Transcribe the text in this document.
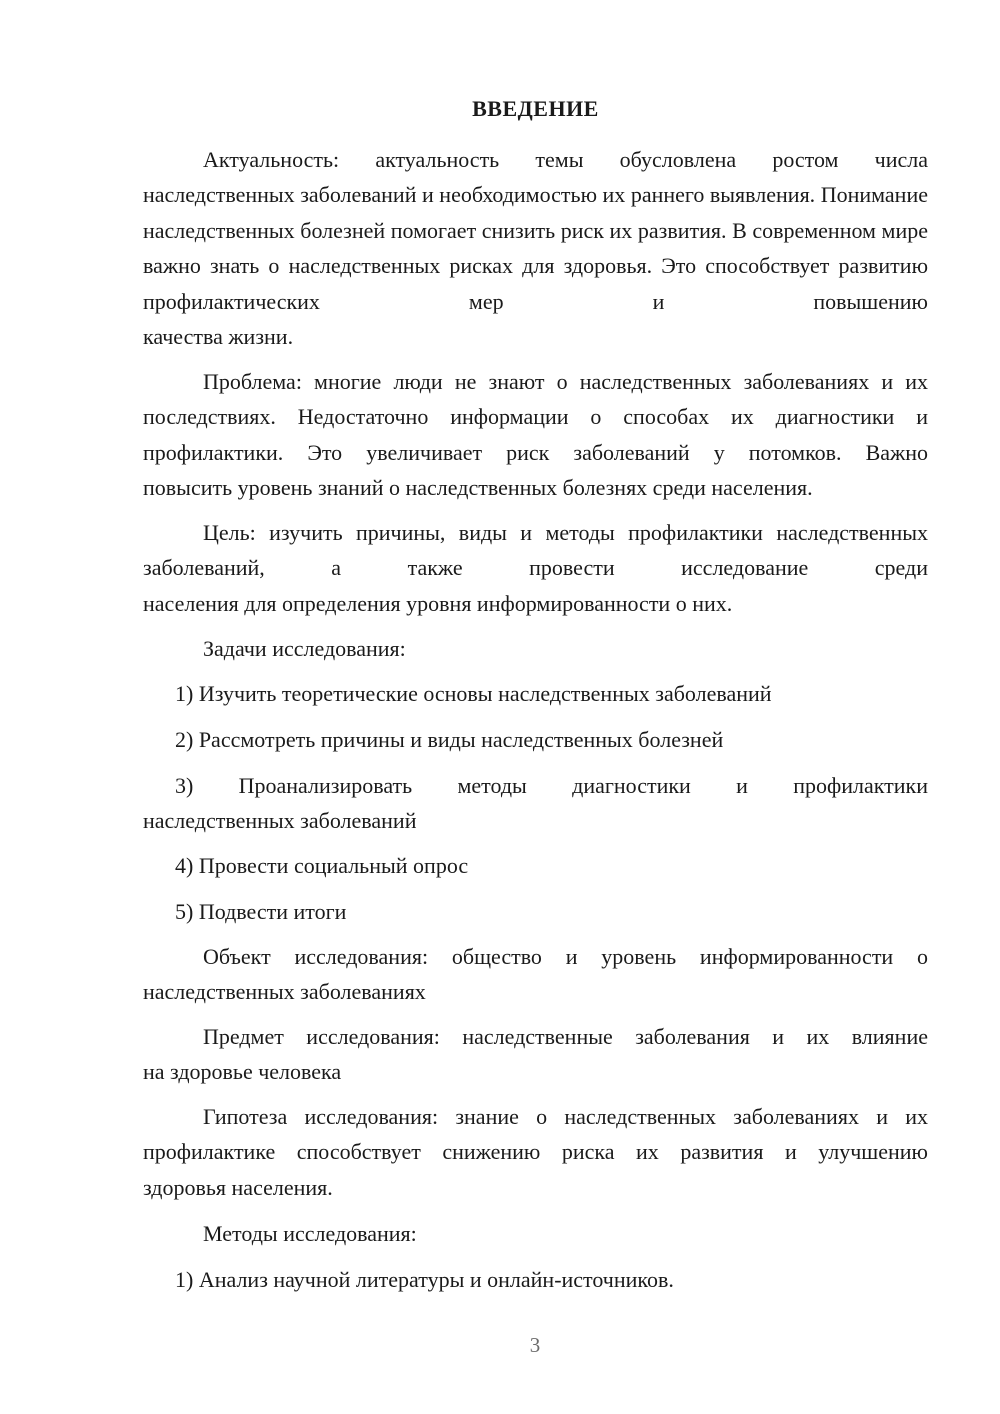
ВВЕДЕНИЕ

Актуальность: актуальность темы обусловлена ростом числа наследственных заболеваний и необходимостью их раннего выявления. Понимание наследственных болезней помогает снизить риск их развития. В современном мире важно знать о наследственных рисках для здоровья. Это способствует развитию профилактических мер и повышению

качества жизни.

Проблема: многие люди не знают о наследственных заболеваниях и их последствиях. Недостаточно информации о способах их диагностики и профилактики. Это увеличивает риск заболеваний у потомков. Важно

повысить уровень знаний о наследственных болезнях среди населения.

Цель: изучить причины, виды и методы профилактики наследственных заболеваний, а также провести исследование среди

населения для определения уровня информированности о них.

Задачи исследования:

1) Изучить теоретические основы наследственных заболеваний

2) Рассмотреть причины и виды наследственных болезней

3) Проанализировать методы диагностики и профилактики

наследственных заболеваний

4) Провести социальный опрос

5) Подвести итоги

Объект исследования: общество и уровень информированности о

наследственных заболеваниях

Предмет исследования: наследственные заболевания и их влияние

на здоровье человека

Гипотеза исследования: знание о наследственных заболеваниях и их профилактике способствует снижению риска их развития и улучшению

здоровья населения.

Методы исследования:

1) Анализ научной литературы и онлайн-источников.

3
